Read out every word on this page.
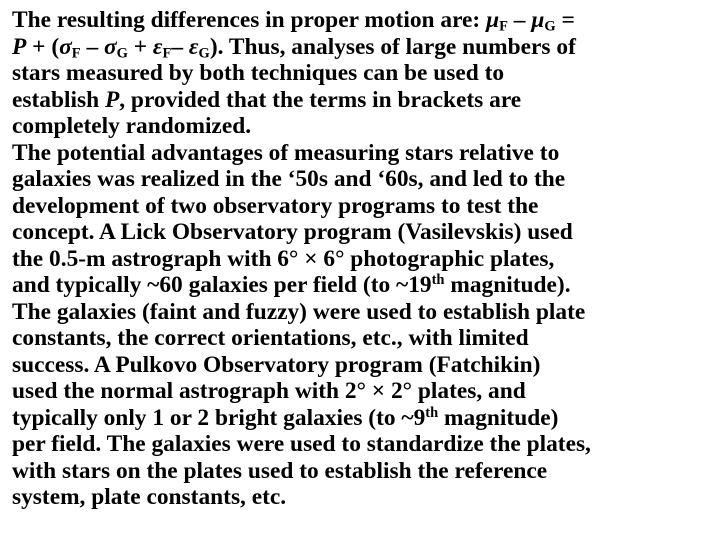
The resulting differences in proper motion are: $\mu_F - \mu_G$ =
$P + (\sigma_F - \sigma_G + \varepsilon_F-$ $\varepsilon_G$). Thus, analyses of large numbers of
stars measured by both techniques can be used to
establish P, provided that the terms in brackets are
completely randomized.

The potential advantages of measuring stars relative to
galaxies was realized in the ‘50s and ‘60s, and led to the
development of two observatory programs to test the
concept. A Lick Observatory program (Vasilevskis) used
the 0.5-m astrograph with 6° × 6° photographic plates,
and typically ~60 galaxies per field (to ~19th magnitude).
The galaxies (faint and fuzzy) were used to establish plate
constants, the correct orientations, etc., with limited
success. A Pulkovo Observatory program (Fatchikin)
used the normal astrograph with 2° × 2° plates, and
typically only 1 or 2 bright galaxies (to ~9th magnitude)
per field. The galaxies were used to standardize the plates,
with stars on the plates used to establish the reference
system, plate constants, etc.
